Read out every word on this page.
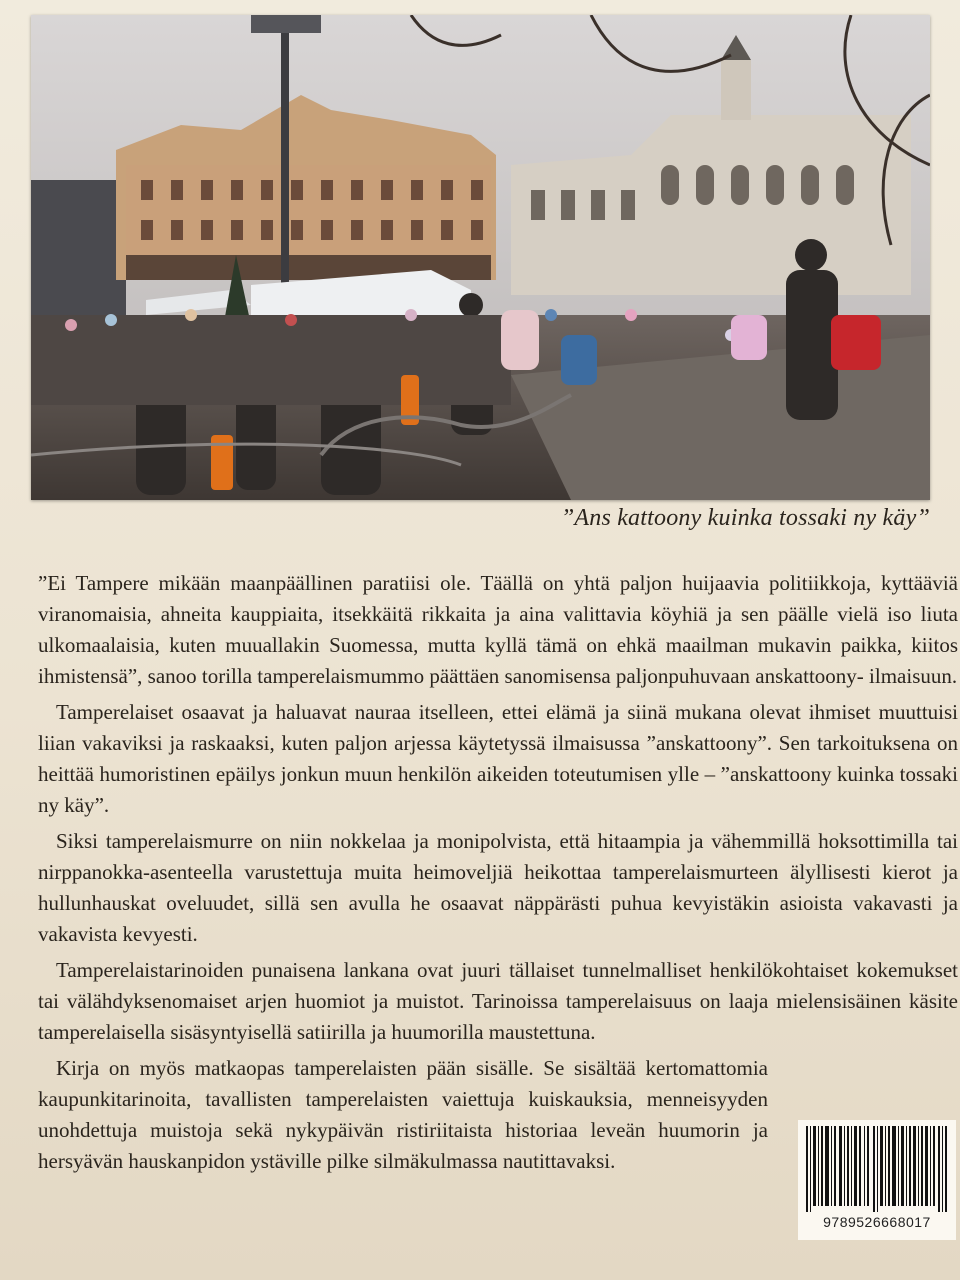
”Ans kattoony kuinka tossaki ny käy”

”Ei Tampere mikään maanpäällinen paratiisi ole. Täällä on yhtä paljon huijaavia politiikkoja, kyttääviä viranomaisia, ahneita kauppiaita, itsekkäitä rikkaita ja aina valittavia köyhiä ja sen päälle vielä iso liuta ulkomaalaisia, kuten muuallakin Suomessa, mutta kyllä tämä on ehkä maailman mukavin paikka, kiitos ihmistensä”, sanoo torilla tamperelaismummo päättäen sanomisensa paljonpuhuvaan anskattoony- ilmaisuun.

Tamperelaiset osaavat ja haluavat nauraa itselleen, ettei elämä ja siinä mukana olevat ihmiset muuttuisi liian vakaviksi ja raskaaksi, kuten paljon arjessa käytetyssä ilmaisussa ”anskattoony”. Sen tarkoituksena on heittää humoristinen epäilys jonkun muun henkilön aikeiden toteutumisen ylle – ”anskattoony kuinka tossaki ny käy”.

Siksi tamperelaismurre on niin nokkelaa ja monipolvista, että hitaampia ja vähemmillä hoksottimilla tai nirppanokka-asenteella varustettuja muita heimoveljiä heikottaa tamperelaismurteen älyllisesti kierot ja hullunhauskat oveluudet, sillä sen avulla he osaavat näppärästi puhua kevyistäkin asioista vakavasti ja vakavista kevyesti.

Tamperelaistarinoiden punaisena lankana ovat juuri tällaiset tunnelmalliset henkilökohtaiset kokemukset tai välähdyksenomaiset arjen huomiot ja muistot. Tarinoissa tamperelaisuus on laaja mielensisäinen käsite tamperelaisella sisäsyntyisellä satiirilla ja huumorilla maustettuna.

Kirja on myös matkaopas tamperelaisten pään sisälle. Se sisältää kertomattomia kaupunkitarinoita, tavallisten tamperelaisten vaiettuja kuiskauksia, menneisyyden unohdettuja muistoja sekä nykypäivän ristiriitaista historiaa leveän huumorin ja hersyävän hauskanpidon ystäville pilke silmäkulmassa nautittavaksi.

9789526668017
